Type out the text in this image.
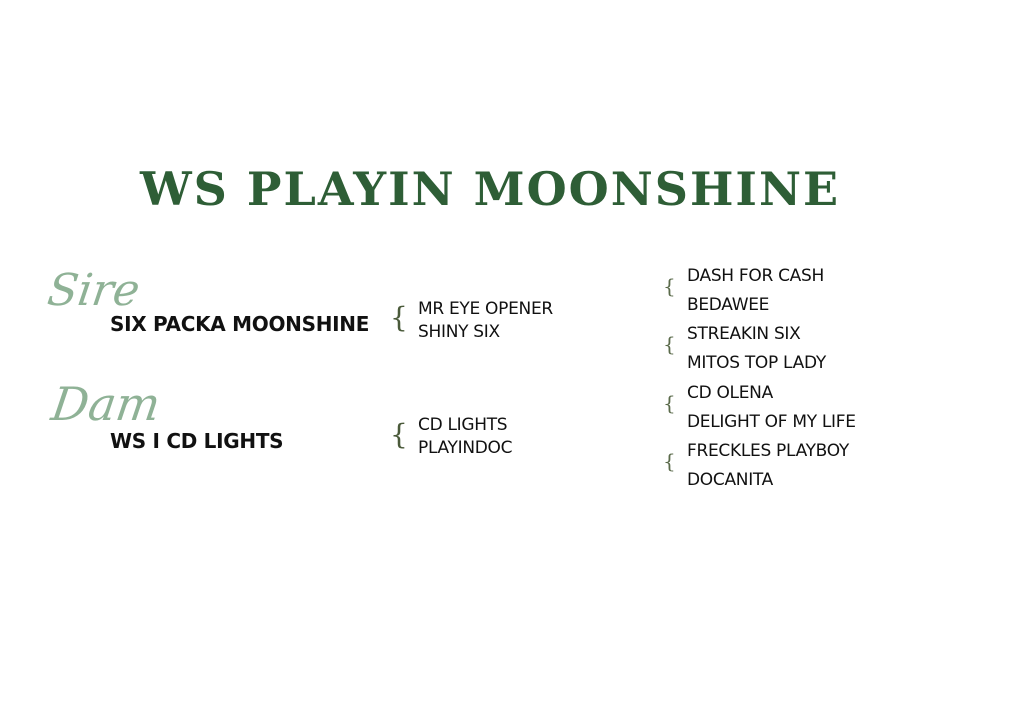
WS PLAYIN MOONSHINE
Sire
SIX PACKA MOONSHINE { MR EYE OPENER
SHINY SIX
{ DASH FOR CASH
BEDAWEE
{ STREAKIN SIX
MITOS TOP LADY
Dam
WS I CD LIGHTS	{ CD LIGHTS
PLAYINDOC
{ CD OLENA
DELIGHT OF MY LIFE
{ FRECKLES PLAYBOY
DOCANITA
